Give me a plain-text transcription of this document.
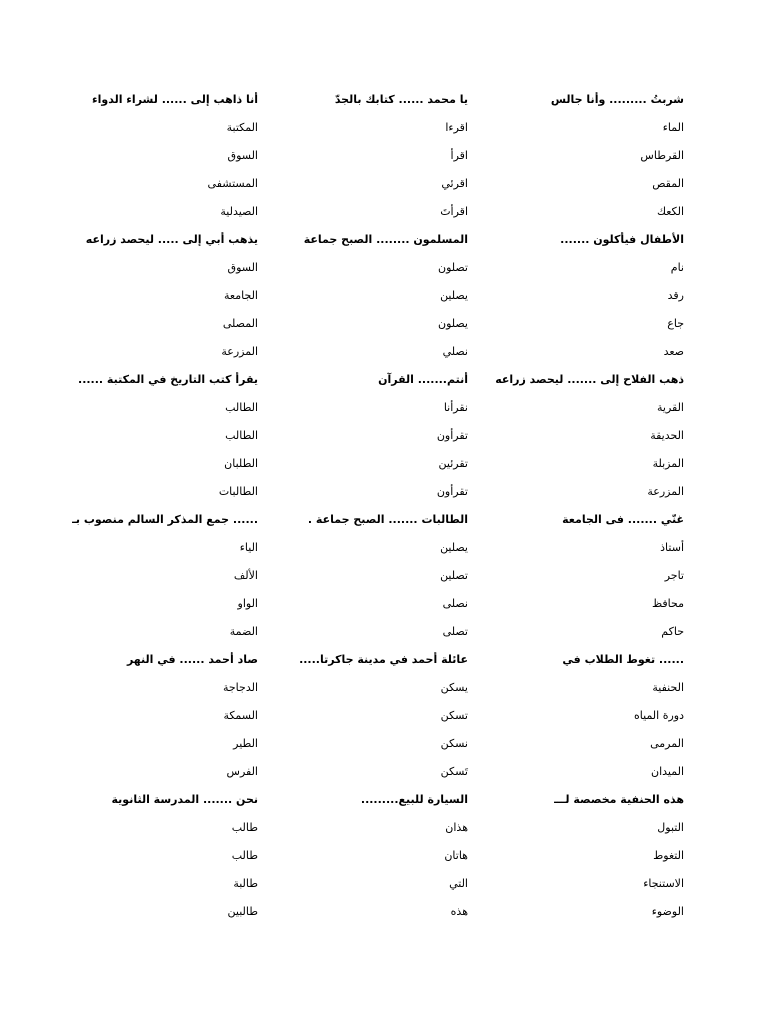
شربتُ ......... وأنا جالس
الماء
القرطاس
المقص
الكعك
الأطفال فيأكلون .......
نام
رقد
جاع
صعد
ذهب الفلاح إلى ....... ليحصد زراعه
القرية
الحديقة
المزبلة
المزرعة
غنّي ....... فى الجامعة
أستاذ
تاجر
محافظ
حاكم
...... تغوط الطلاب في
الحنفية
دورة المياه
المرمى
الميدان
هذه الحنفية مخصصة لـــ
التبول
التغوط
الاستنجاء
الوضوء
يا محمد ...... كتابك بالجدّ
اقرءا
اقرأ
اقرئي
اقرأتَ
المسلمون ........ الصبح جماعة
تصلون
يصلين
يصلون
نصلي
أنتم....... القرآن
نقرأنا
تقرأون
تقرئين
تقرأون
الطالبات ....... الصبح جماعة .
يصلين
تصلين
نصلى
تصلى
عائلة أحمد في مدينة جاكرتا.....
يسكن
تسكن
نسكن
تَسكن
السيارة للبيع.........
هذان
هاتان
التي
هذه
أنا ذاهب إلى ...... لشراء الدواء
المكتبة
السوق
المستشفى
الصيدلية
يذهب أبي إلى ..... ليحصد زراعه
السوق
الجامعة
المصلى
المزرعة
يقرأ كتب التاريخ في المكتبة ......
الطالب
الطالب
الطلبان
الطالبات
...... جمع المذكر السالم منصوب بـ
الياء
الألف
الواو
الضمة
صاد أحمد ...... في النهر
الدجاجة
السمكة
الطير
الفرس
نحن ....... المدرسة الثانوية
طالب
طالب
طالبة
طالبين
